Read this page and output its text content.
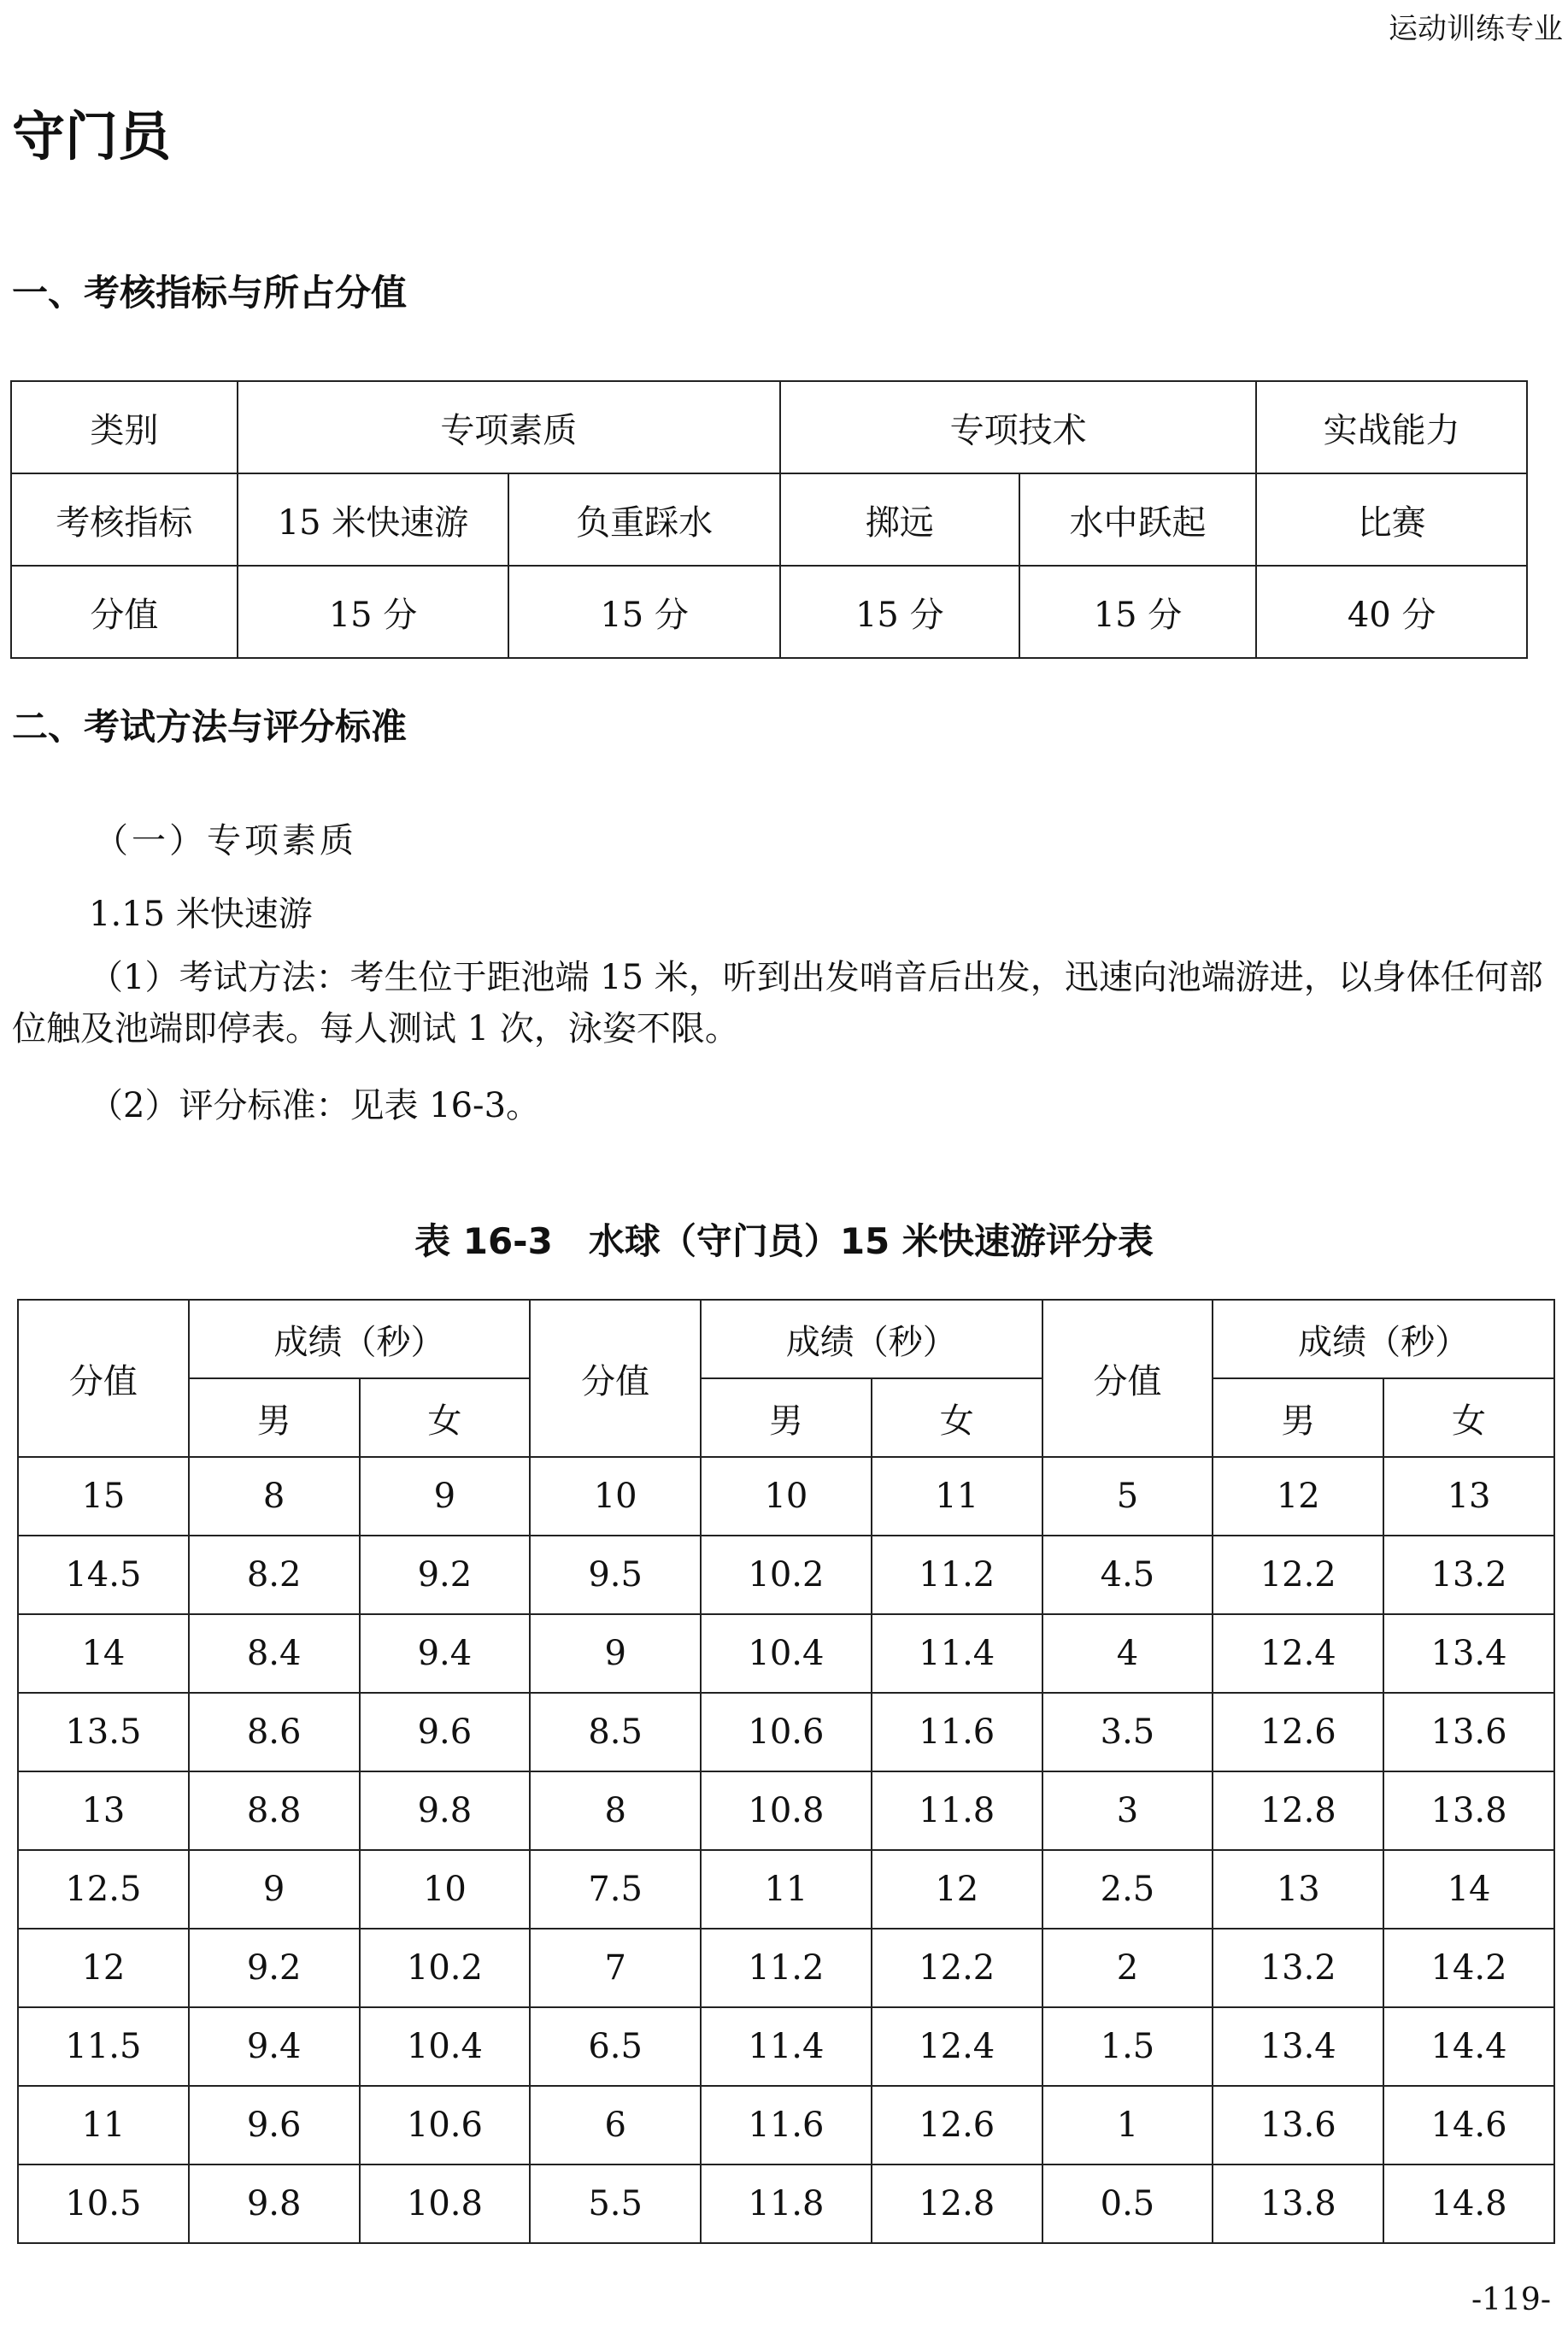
运动训练专业
守门员
一、考核指标与所占分值
类别	专项素质		专项技术		实战能力
考核指标	15 米快速游	负重踩水	掷远	水中跃起	比赛
分值	15 分	15 分	15 分	15 分	40 分
二、考试方法与评分标准
（一）专项素质
1.15 米快速游
（1）考试方法：考生位于距池端 15 米，听到出发哨音后出发，迅速向池端游进，以身体任何部位触及池端即停表。每人测试 1 次，泳姿不限。
（2）评分标准：见表 16-3。
表 16-3　水球（守门员）15 米快速游评分表
分值	成绩（秒）		分值	成绩（秒）		分值	成绩（秒）	
	男	女		男	女		男	女
15	8	9	10	10	11	5	12	13
14.5	8.2	9.2	9.5	10.2	11.2	4.5	12.2	13.2
14	8.4	9.4	9	10.4	11.4	4	12.4	13.4
13.5	8.6	9.6	8.5	10.6	11.6	3.5	12.6	13.6
13	8.8	9.8	8	10.8	11.8	3	12.8	13.8
12.5	9	10	7.5	11	12	2.5	13	14
12	9.2	10.2	7	11.2	12.2	2	13.2	14.2
11.5	9.4	10.4	6.5	11.4	12.4	1.5	13.4	14.4
11	9.6	10.6	6	11.6	12.6	1	13.6	14.6
10.5	9.8	10.8	5.5	11.8	12.8	0.5	13.8	14.8
-119-
